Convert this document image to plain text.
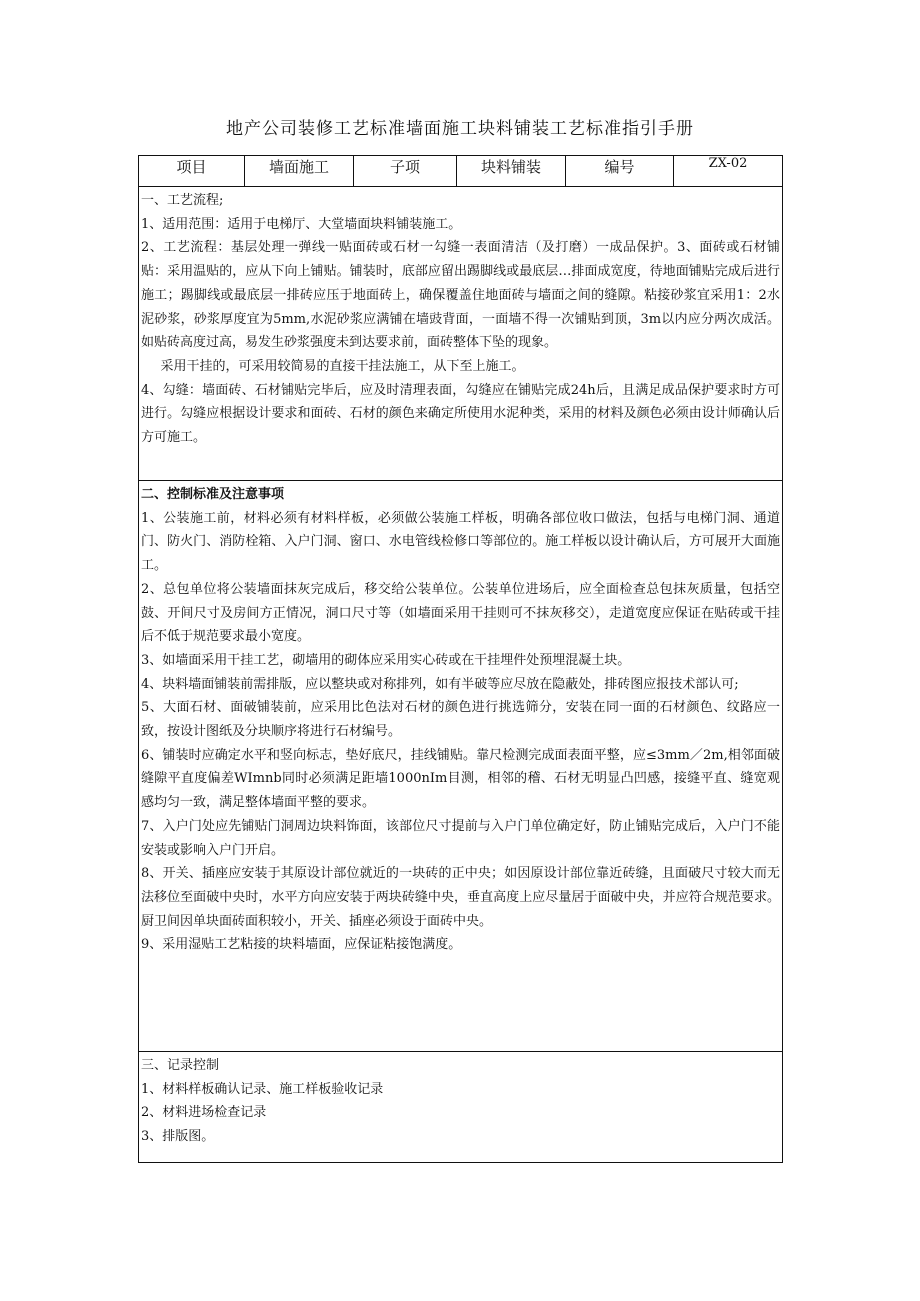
地产公司装修工艺标准墙面施工块料铺装工艺标准指引手册
项目	墙面施工	子项	块料铺装	编号	ZX-02

一、工艺流程;

1、适用范围：适用于电梯厅、大堂墙面块料铺装施工。

2、工艺流程：基层处理一弹线一贴面砖或石材一勾缝一表面清洁（及打磨）一成品保护。3、面砖或石材铺贴：采用温贴的，应从下向上铺贴。铺装时，底部应留出踢脚线或最底层…排面成宽度，待地面铺贴完成后进行施工；踢脚线或最底层一排砖应压于地面砖上，确保覆盖住地面砖与墙面之间的缝隙。粘接砂浆宜采用1：2水泥砂浆，砂浆厚度宜为5mm,水泥砂浆应满铺在墙豉背面，一面墙不得一次铺贴到顶，3m以内应分两次成活。如贴砖高度过高，易发生砂浆强度未到达要求前，面砖整体下坠的现象。

采用干挂的，可采用较简易的直接干挂法施工，从下至上施工。

4、勾缝：墙面砖、石材铺贴完毕后，应及时清理表面，勾缝应在铺贴完成24h后，且满足成品保护要求时方可进行。勾缝应根据设计要求和面砖、石材的颜色来确定所使用水泥种类，采用的材料及颜色必须由设计师确认后方可施工。

二、控制标准及注意事项

1、公装施工前，材料必须有材料样板，必须做公装施工样板，明确各部位收口做法，包括与电梯门洞、通道门、防火门、消防栓箱、入户门洞、窗口、水电管线检修口等部位的。施工样板以设计确认后，方可展开大面施工。

2、总包单位将公装墙面抹灰完成后，移交给公装单位。公装单位进场后，应全面检查总包抹灰质量，包括空鼓、开间尺寸及房间方正情况，洞口尺寸等（如墙面采用干挂则可不抹灰移交），走道宽度应保证在贴砖或干挂后不低于规范要求最小宽度。

3、如墙面采用干挂工艺，砌墙用的砌体应采用实心砖或在干挂埋件处预埋混凝土块。

4、块料墙面铺装前需排版，应以整块或对称排列，如有半破等应尽放在隐蔽处，排砖图应报技术部认可;

5、大面石材、面破铺装前，应采用比色法对石材的颜色进行挑选筛分，安装在同一面的石材颜色、纹路应一致，按设计图纸及分块顺序将进行石材编号。

6、铺装时应确定水平和竖向标志，垫好底尺，挂线铺贴。靠尺检测完成面表面平整，应≤3mm／2m,相邻面破缝隙平直度偏差WImnb同时必须满足距墙1000nIm目测，相邻的稽、石材无明显凸凹感，接缝平直、缝宽观感均匀一致，满足整体墙面平整的要求。

7、入户门处应先铺贴门洞周边块料饰面，该部位尺寸提前与入户门单位确定好，防止铺贴完成后，入户门不能安装或影响入户门开启。

8、开关、插座应安装于其原设计部位就近的一块砖的正中央；如因原设计部位靠近砖缝，且面破尺寸较大而无法移位至面破中央时，水平方向应安装于两块砖缝中央，垂直高度上应尽量居于面破中央，并应符合规范要求。厨卫间因单块面砖面积较小，开关、插座必须设于面砖中央。

9、采用湿贴工艺粘接的块料墙面，应保证粘接饱满度。

三、记录控制

1、材料样板确认记录、施工样板验收记录

2、材料进场检查记录

3、排版图。
